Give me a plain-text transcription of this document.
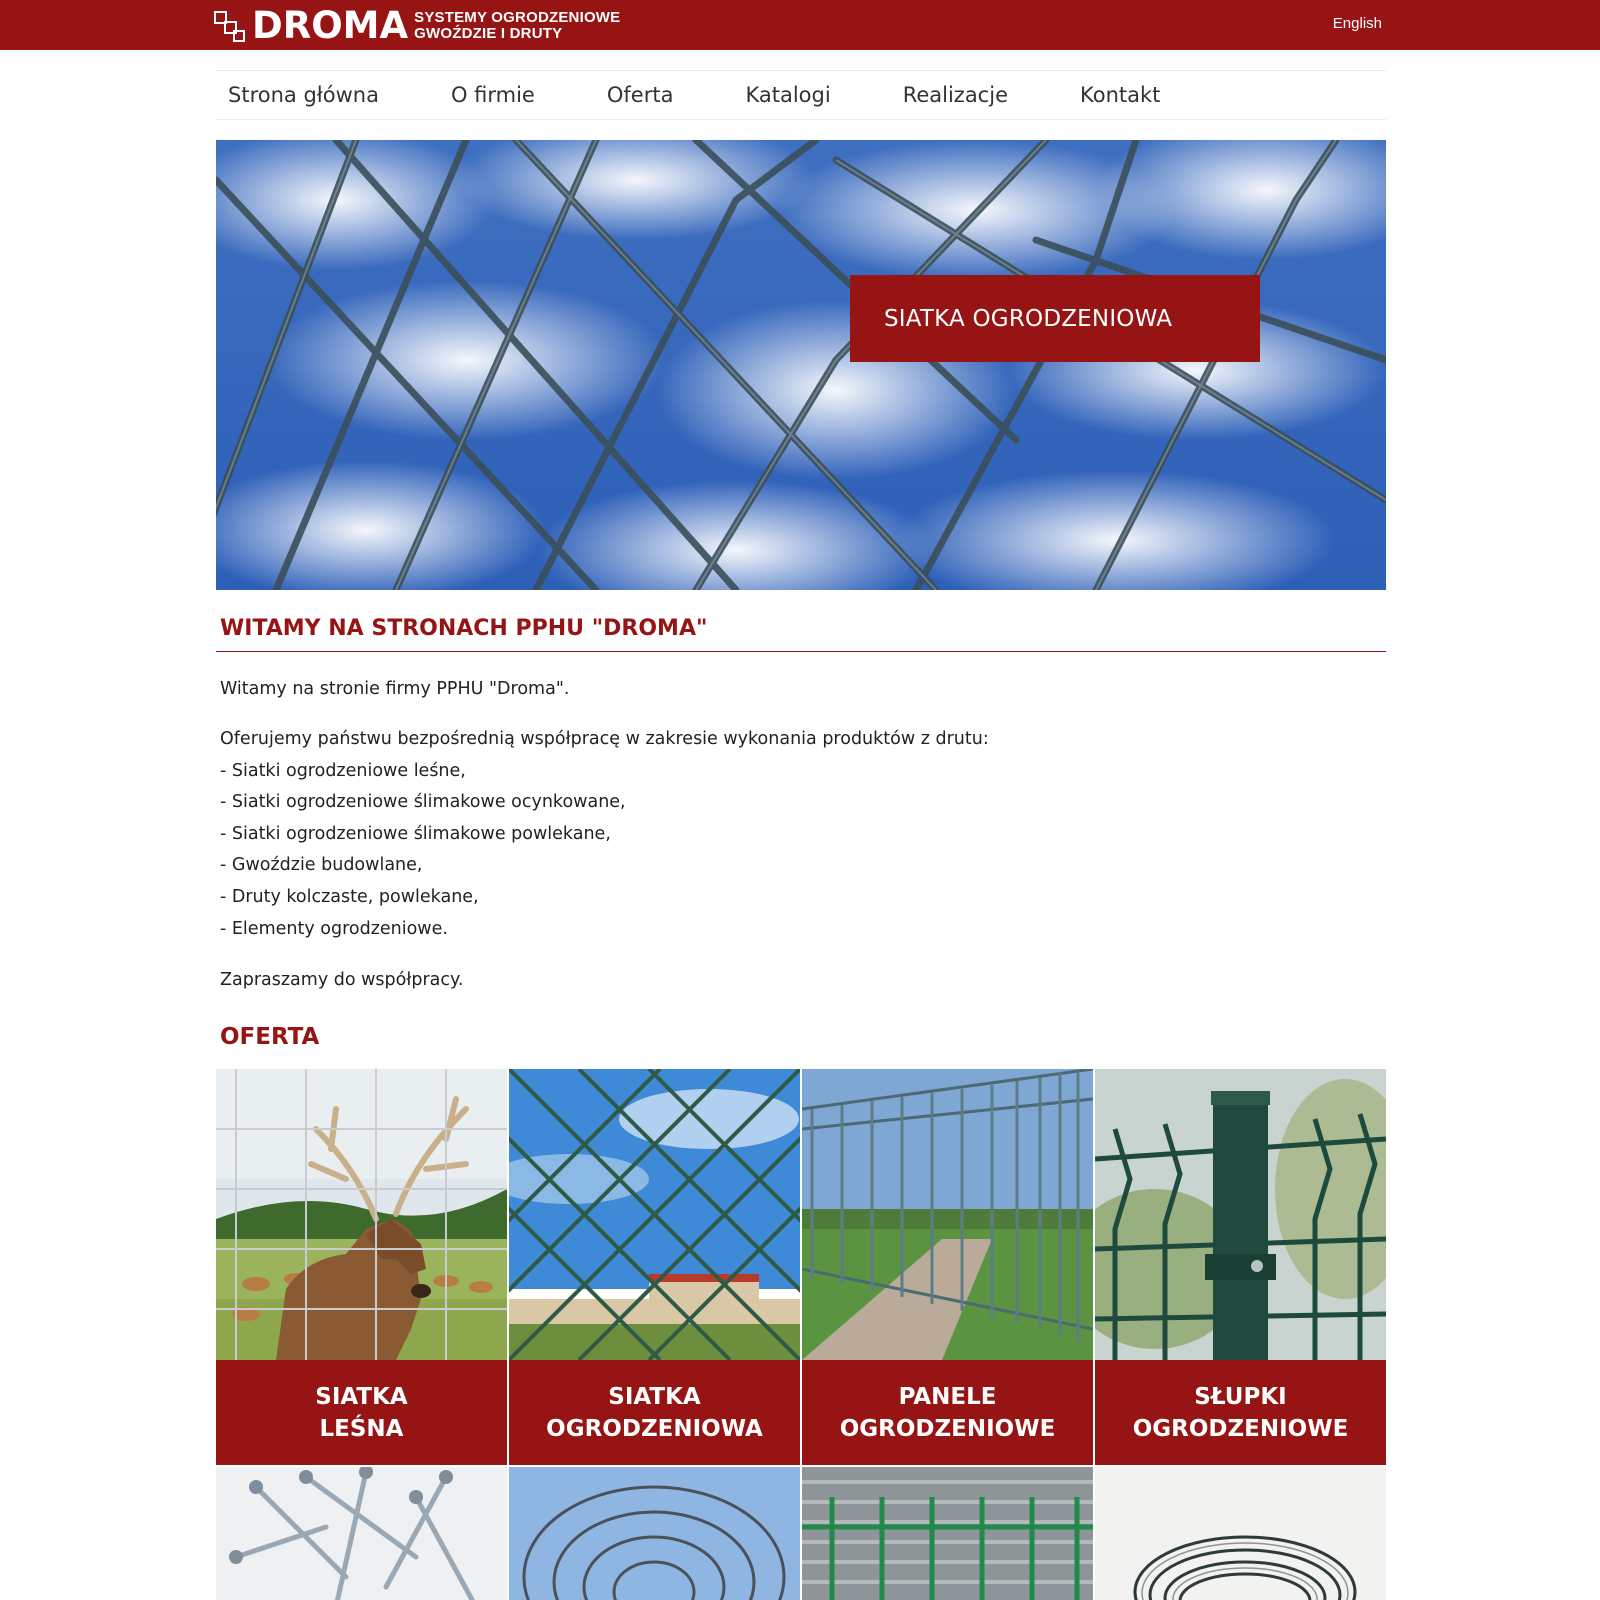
DROMA SYSTEMY OGRODZENIOWE
GWOŹDZIE I DRUTY
English
Strona główna	O firmie	Oferta	Katalogi	Realizacje	Kontakt
SIATKA OGRODZENIOWA
WITAMY NA STRONACH PPHU "DROMA"

Witamy na stronie firmy PPHU "Droma".

Oferujemy państwu bezpośrednią współpracę w zakresie wykonania produktów z drutu:
- Siatki ogrodzeniowe leśne,
- Siatki ogrodzeniowe ślimakowe ocynkowane,
- Siatki ogrodzeniowe ślimakowe powlekane,
- Gwoździe budowlane,
- Druty kolczaste, powlekane,
- Elementy ogrodzeniowe.

Zapraszamy do współpracy.

OFERTA
SIATKA
LEŚNA
SIATKA
OGRODZENIOWA
PANELE
OGRODZENIOWE
SŁUPKI
OGRODZENIOWE
